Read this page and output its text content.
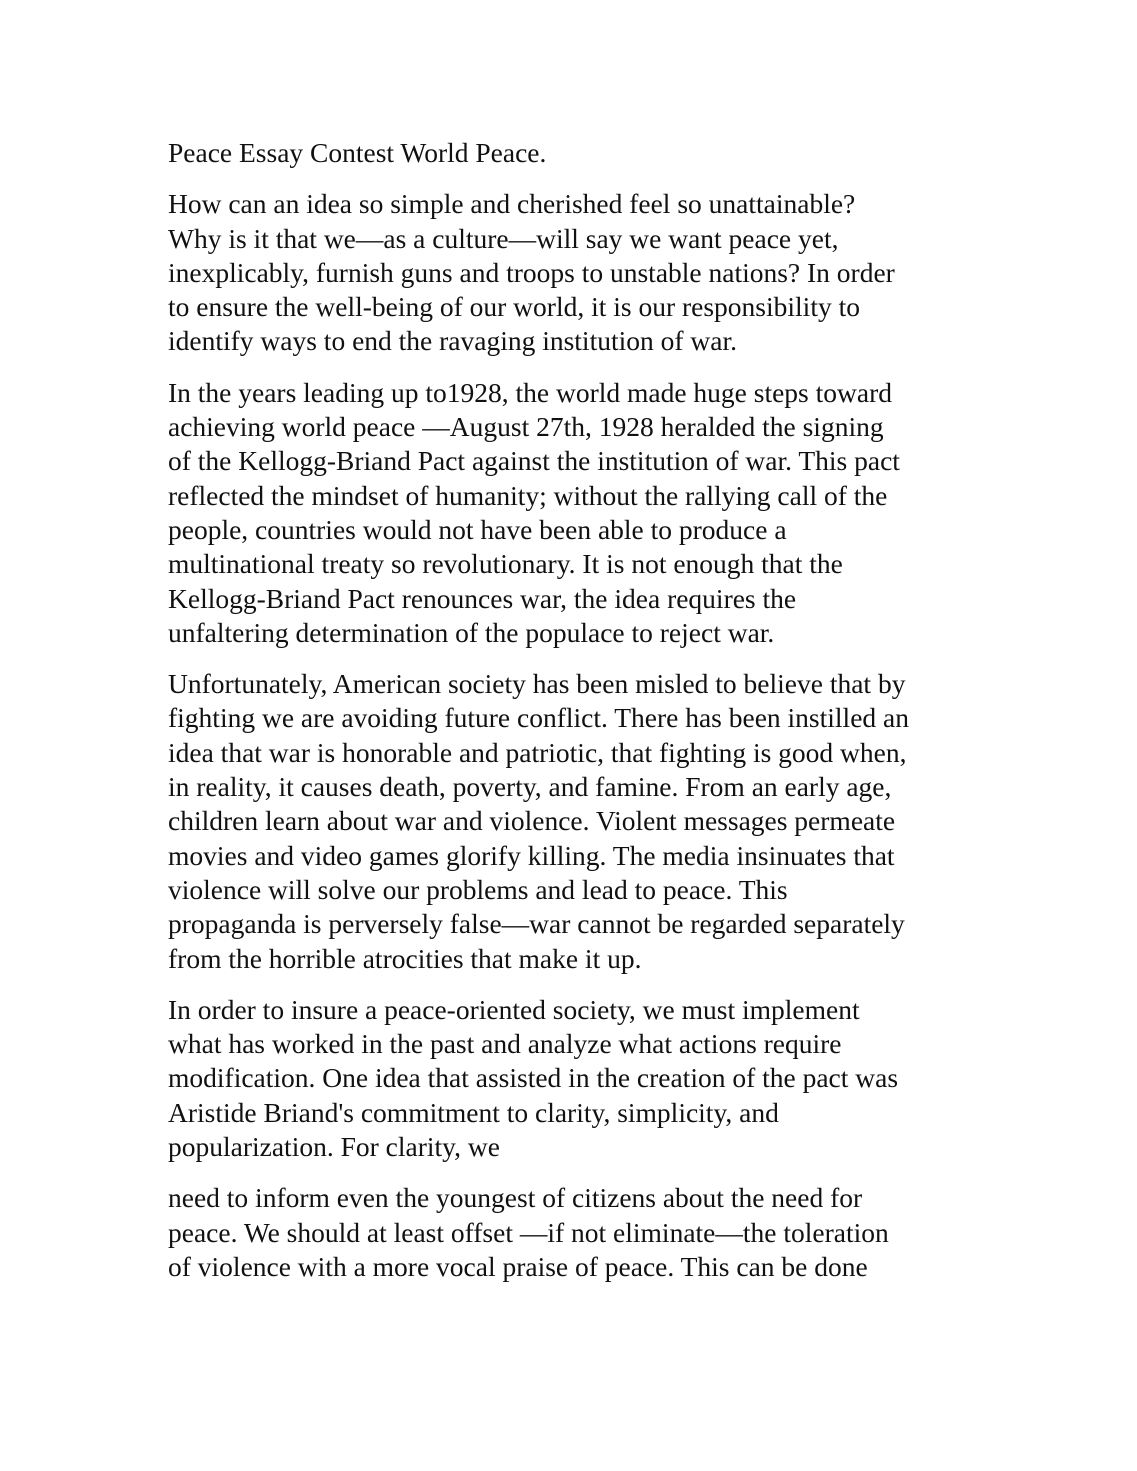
Peace Essay Contest World Peace.

How can an idea so simple and cherished feel so unattainable?
Why is it that we—as a culture—will say we want peace yet,
inexplicably, furnish guns and troops to unstable nations? In order
to ensure the well-being of our world, it is our responsibility to
identify ways to end the ravaging institution of war.

In the years leading up to1928, the world made huge steps toward
achieving world peace —August 27th, 1928 heralded the signing
of the Kellogg-Briand Pact against the institution of war. This pact
reflected the mindset of humanity; without the rallying call of the
people, countries would not have been able to produce a
multinational treaty so revolutionary. It is not enough that the
Kellogg-Briand Pact renounces war, the idea requires the
unfaltering determination of the populace to reject war.

Unfortunately, American society has been misled to believe that by
fighting we are avoiding future conflict. There has been instilled an
idea that war is honorable and patriotic, that fighting is good when,
in reality, it causes death, poverty, and famine. From an early age,
children learn about war and violence. Violent messages permeate
movies and video games glorify killing. The media insinuates that
violence will solve our problems and lead to peace. This
propaganda is perversely false—war cannot be regarded separately
from the horrible atrocities that make it up.

In order to insure a peace-oriented society, we must implement
what has worked in the past and analyze what actions require
modification. One idea that assisted in the creation of the pact was
Aristide Briand's commitment to clarity, simplicity, and
popularization. For clarity, we

need to inform even the youngest of citizens about the need for
peace. We should at least offset —if not eliminate—the toleration
of violence with a more vocal praise of peace. This can be done
